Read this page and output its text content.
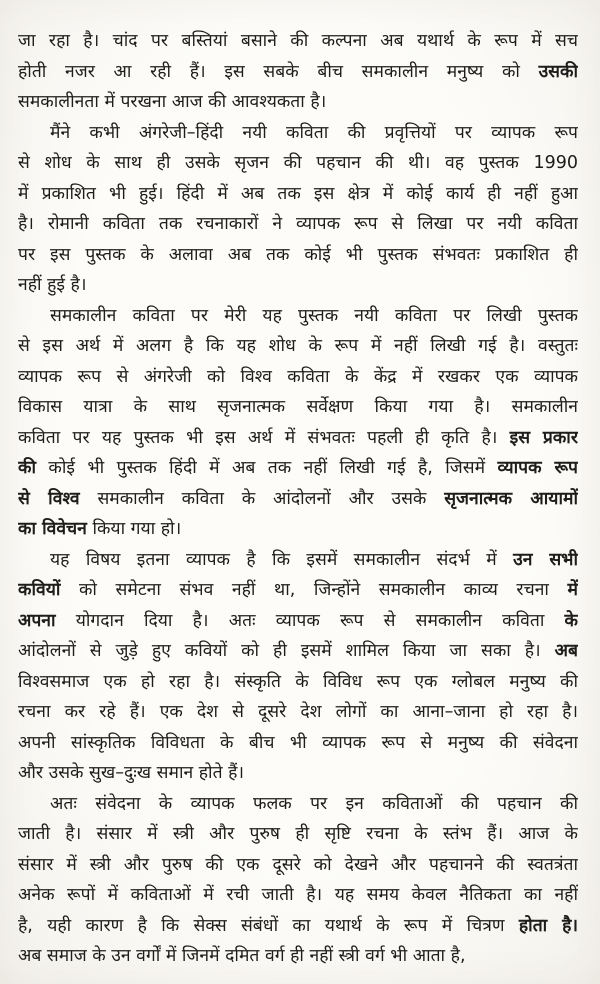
जा रहा है। चांद पर बस्तियां बसाने की कल्पना अब यथार्थ के रूप में सच
होती नजर आ रही हैं। इस सबके बीच समकालीन मनुष्य को उसकी
समकालीनता में परखना आज की आवश्यकता है।
मैंने कभी अंगरेजी–हिंदी नयी कविता की प्रवृत्तियों पर व्यापक रूप
से शोध के साथ ही उसके सृजन की पहचान की थी। वह पुस्तक 1990
में प्रकाशित भी हुई। हिंदी में अब तक इस क्षेत्र में कोई कार्य ही नहीं हुआ
है। रोमानी कविता तक रचनाकारों ने व्यापक रूप से लिखा पर नयी कविता
पर इस पुस्तक के अलावा अब तक कोई भी पुस्तक संभवतः प्रकाशित ही
नहीं हुई है।
समकालीन कविता पर मेरी यह पुस्तक नयी कविता पर लिखी पुस्तक
से इस अर्थ में अलग है कि यह शोध के रूप में नहीं लिखी गई है। वस्तुतः
व्यापक रूप से अंगरेजी को विश्व कविता के केंद्र में रखकर एक व्यापक
विकास यात्रा के साथ सृजनात्मक सर्वेक्षण किया गया है। समकालीन
कविता पर यह पुस्तक भी इस अर्थ में संभवतः पहली ही कृति है। इस प्रकार
की कोई भी पुस्तक हिंदी में अब तक नहीं लिखी गई है, जिसमें व्यापक रूप
से विश्व समकालीन कविता के आंदोलनों और उसके सृजनात्मक आयामों
का विवेचन किया गया हो।
यह विषय इतना व्यापक है कि इसमें समकालीन संदर्भ में उन सभी
कवियों को समेटना संभव नहीं था, जिन्होंने समकालीन काव्य रचना में
अपना योगदान दिया है। अतः व्यापक रूप से समकालीन कविता के
आंदोलनों से जुड़े हुए कवियों को ही इसमें शामिल किया जा सका है। अब
विश्वसमाज एक हो रहा है। संस्कृति के विविध रूप एक ग्लोबल मनुष्य की
रचना कर रहे हैं। एक देश से दूसरे देश लोगों का आना–जाना हो रहा है।
अपनी सांस्कृतिक विविधता के बीच भी व्यापक रूप से मनुष्य की संवेदना
और उसके सुख–दुःख समान होते हैं।
अतः संवेदना के व्यापक फलक पर इन कविताओं की पहचान की
जाती है। संसार में स्त्री और पुरुष ही सृष्टि रचना के स्तंभ हैं। आज के
संसार में स्त्री और पुरुष की एक दूसरे को देखने और पहचानने की स्वतत्रंता
अनेक रूपों में कविताओं में रची जाती है। यह समय केवल नैतिकता का नहीं
है, यही कारण है कि सेक्स संबंधों का यथार्थ के रूप में चित्रण होता है।
अब समाज के उन वर्गों में जिनमें दमित वर्ग ही नहीं स्त्री वर्ग भी आता है,
